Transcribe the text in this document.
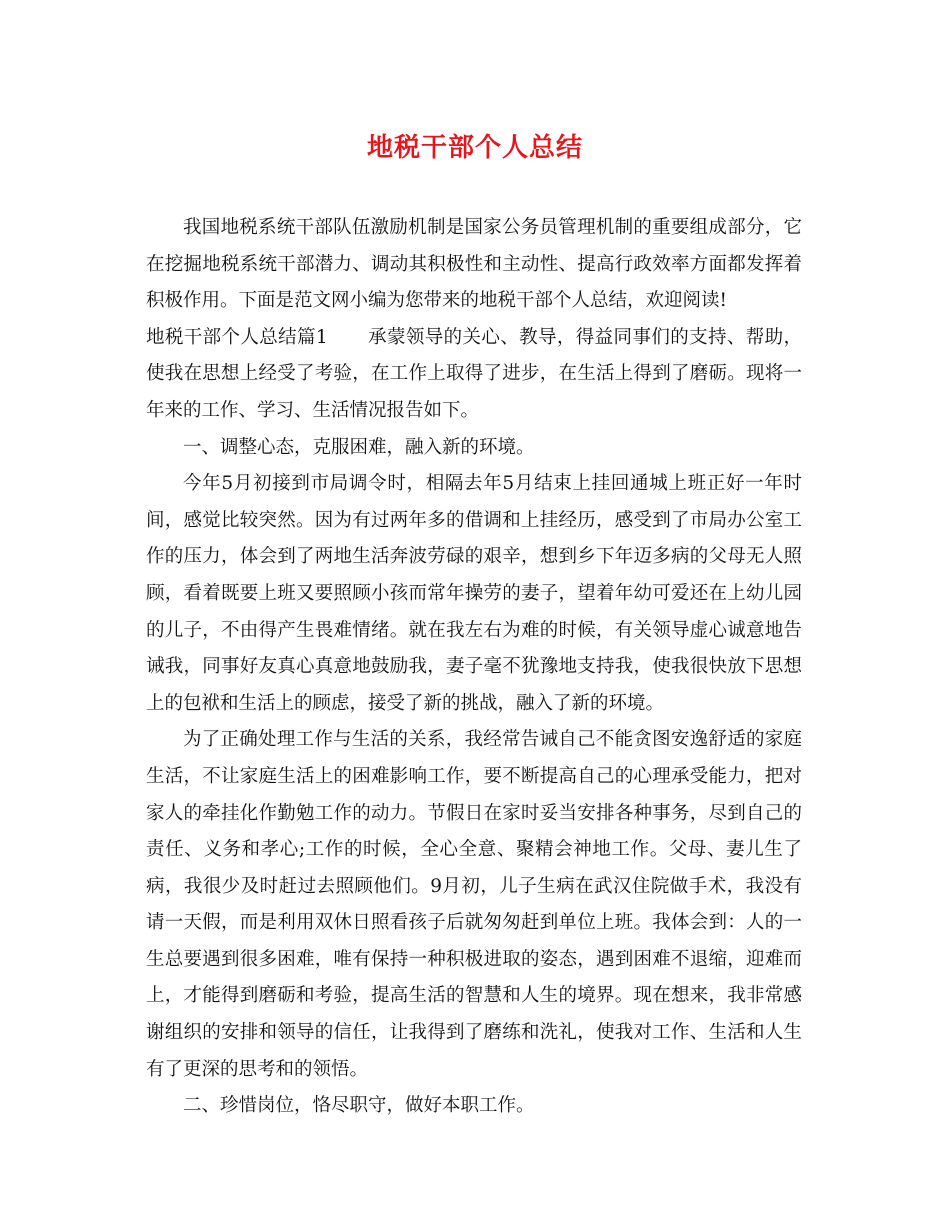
地税干部个人总结

我国地税系统干部队伍激励机制是国家公务员管理机制的重要组成部分，它在挖掘地税系统干部潜力、调动其积极性和主动性、提高行政效率方面都发挥着积极作用。下面是范文网小编为您带来的地税干部个人总结，欢迎阅读!

地税干部个人总结篇1 承蒙领导的关心、教导，得益同事们的支持、帮助，使我在思想上经受了考验，在工作上取得了进步，在生活上得到了磨砺。现将一年来的工作、学习、生活情况报告如下。

一、调整心态，克服困难，融入新的环境。

今年5月初接到市局调令时，相隔去年5月结束上挂回通城上班正好一年时间，感觉比较突然。因为有过两年多的借调和上挂经历，感受到了市局办公室工作的压力，体会到了两地生活奔波劳碌的艰辛，想到乡下年迈多病的父母无人照顾，看着既要上班又要照顾小孩而常年操劳的妻子，望着年幼可爱还在上幼儿园的儿子，不由得产生畏难情绪。就在我左右为难的时候，有关领导虚心诚意地告诫我，同事好友真心真意地鼓励我，妻子毫不犹豫地支持我，使我很快放下思想上的包袱和生活上的顾虑，接受了新的挑战，融入了新的环境。

为了正确处理工作与生活的关系，我经常告诫自己不能贪图安逸舒适的家庭生活，不让家庭生活上的困难影响工作，要不断提高自己的心理承受能力，把对家人的牵挂化作勤勉工作的动力。节假日在家时妥当安排各种事务，尽到自己的责任、义务和孝心;工作的时候，全心全意、聚精会神地工作。父母、妻儿生了病，我很少及时赶过去照顾他们。9月初，儿子生病在武汉住院做手术，我没有请一天假，而是利用双休日照看孩子后就匆匆赶到单位上班。我体会到：人的一生总要遇到很多困难，唯有保持一种积极进取的姿态，遇到困难不退缩，迎难而上，才能得到磨砺和考验，提高生活的智慧和人生的境界。现在想来，我非常感谢组织的安排和领导的信任，让我得到了磨练和洗礼，使我对工作、生活和人生有了更深的思考和的领悟。

二、珍惜岗位，恪尽职守，做好本职工作。
